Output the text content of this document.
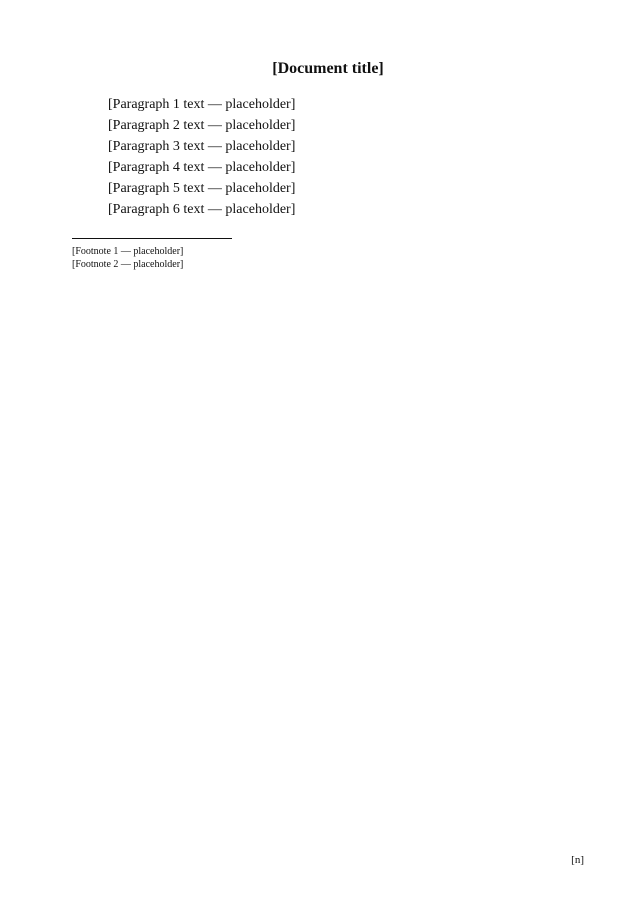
[Document title]

[Paragraph 1 text — placeholder]

[Paragraph 2 text — placeholder]

[Paragraph 3 text — placeholder]

[Paragraph 4 text — placeholder]

[Paragraph 5 text — placeholder]

[Paragraph 6 text — placeholder]

[Footnote 1 — placeholder]

[Footnote 2 — placeholder]

[n]
